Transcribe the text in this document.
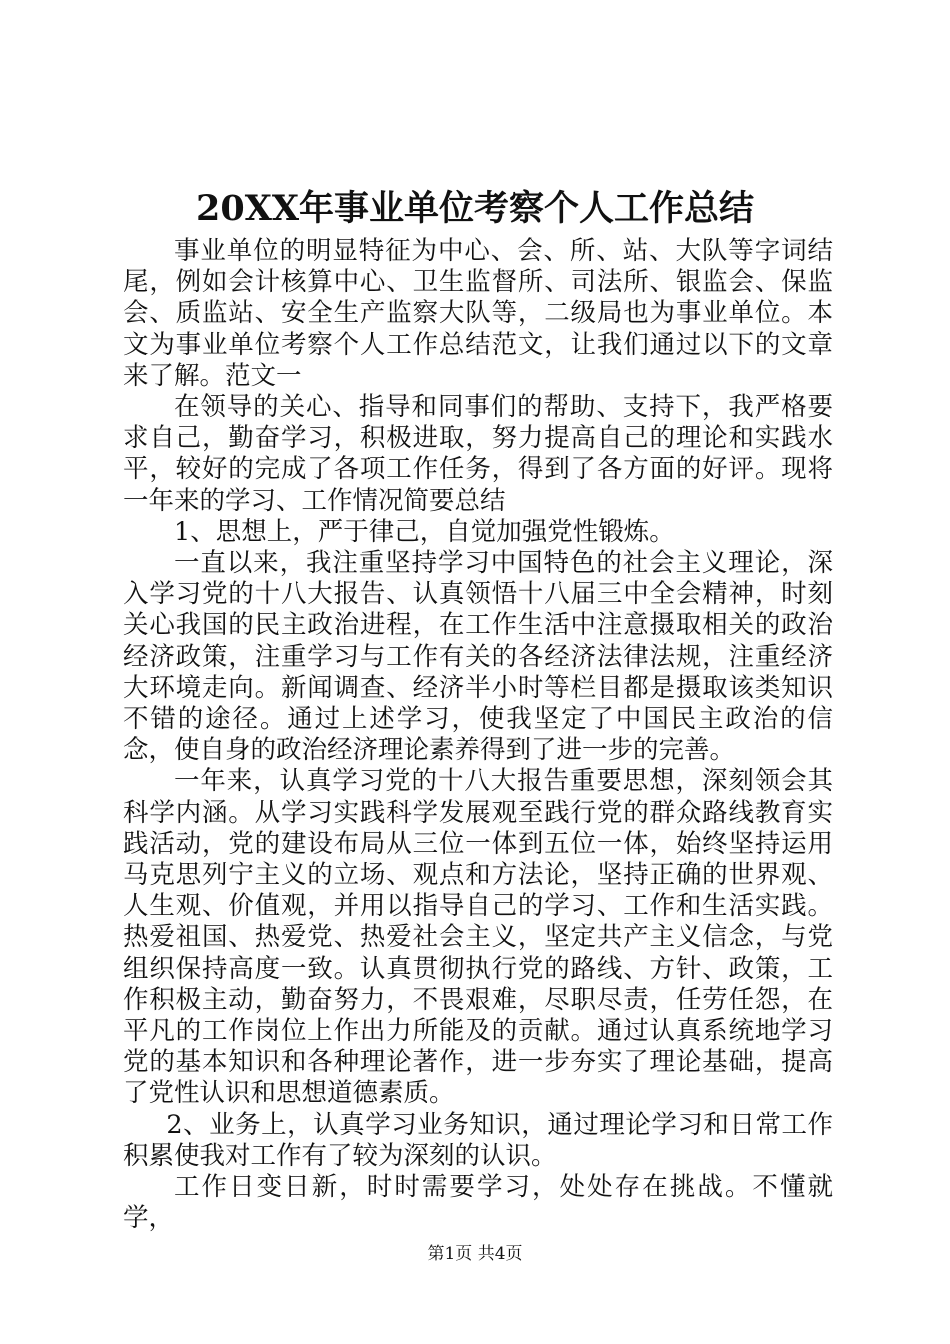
20XX年事业单位考察个人工作总结

事业单位的明显特征为中心、会、所、站、大队等字词结尾，例如会计核算中心、卫生监督所、司法所、银监会、保监会、质监站、安全生产监察大队等，二级局也为事业单位。本文为事业单位考察个人工作总结范文，让我们通过以下的文章来了解。范文一

在领导的关心、指导和同事们的帮助、支持下，我严格要求自己，勤奋学习，积极进取，努力提高自己的理论和实践水平，较好的完成了各项工作任务，得到了各方面的好评。现将一年来的学习、工作情况简要总结

1、思想上，严于律己，自觉加强党性锻炼。

一直以来，我注重坚持学习中国特色的社会主义理论，深入学习党的十八大报告、认真领悟十八届三中全会精神，时刻关心我国的民主政治进程，在工作生活中注意摄取相关的政治经济政策，注重学习与工作有关的各经济法律法规，注重经济大环境走向。新闻调查、经济半小时等栏目都是摄取该类知识不错的途径。通过上述学习，使我坚定了中国民主政治的信念，使自身的政治经济理论素养得到了进一步的完善。

一年来，认真学习党的十八大报告重要思想，深刻领会其科学内涵。从学习实践科学发展观至践行党的群众路线教育实践活动，党的建设布局从三位一体到五位一体，始终坚持运用马克思列宁主义的立场、观点和方法论，坚持正确的世界观、人生观、价值观，并用以指导自己的学习、工作和生活实践。热爱祖国、热爱党、热爱社会主义，坚定共产主义信念，与党组织保持高度一致。认真贯彻执行党的路线、方针、政策，工作积极主动，勤奋努力，不畏艰难，尽职尽责，任劳任怨，在平凡的工作岗位上作出力所能及的贡献。通过认真系统地学习党的基本知识和各种理论著作，进一步夯实了理论基础，提高了党性认识和思想道德素质。

2、业务上，认真学习业务知识，通过理论学习和日常工作积累使我对工作有了较为深刻的认识。

工作日变日新，时时需要学习，处处存在挑战。不懂就学，

第1页 共4页
